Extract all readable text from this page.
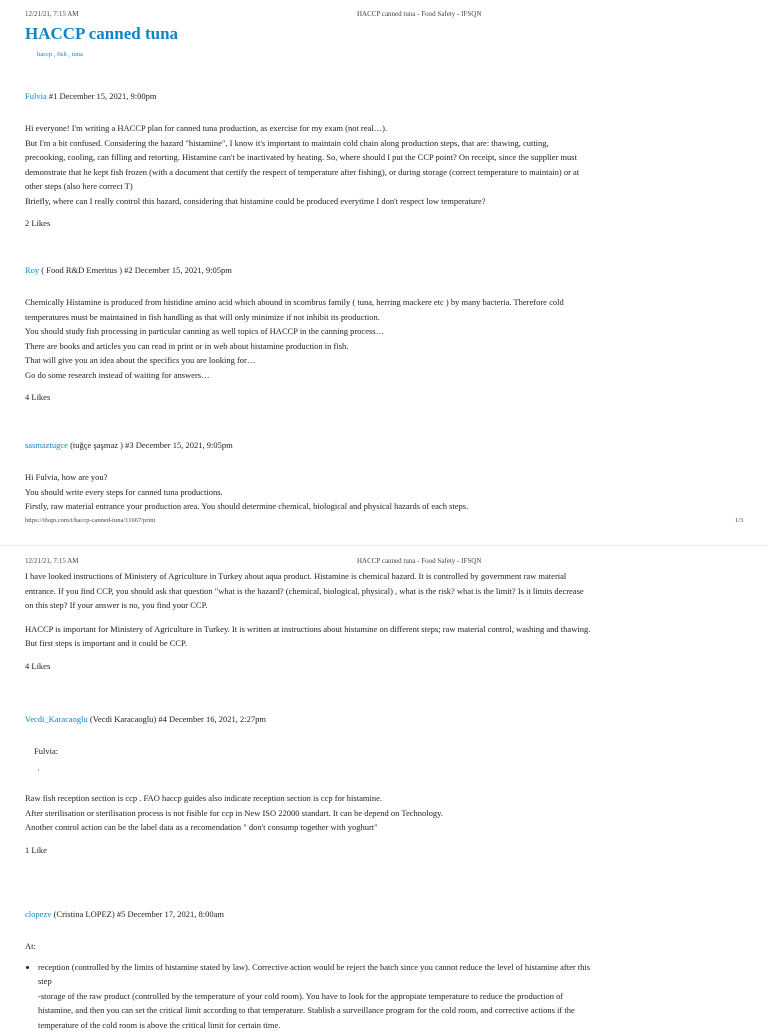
12/21/21, 7:15 AM	HACCP canned tuna - Food Safety - IFSQN
HACCP canned tuna
haccp , fish , tuna
Fulvia #1 December 15, 2021, 9:00pm

Hi everyone! I'm writing a HACCP plan for canned tuna production, as exercise for my exam (not real…).

But I'm a bit confused. Considering the hazard "histamine", I know it's important to maintain cold chain along production steps, that are: thawing, cutting,

precooking, cooling, can filling and retorting. Histamine can't be inactivated by heating. So, where should I put the CCP point? On receipt, since the supplier must

demonstrate that he kept fish frozen (with a document that certify the respect of temperature after fishing), or during storage (correct temperature to maintain) or at

other steps (also here correct T)

Briefly, where can I really control this hazard, considering that histamine could be produced everytime I don't respect low temperature?

2 Likes
Roy ( Food R&D Emeritus ) #2 December 15, 2021, 9:05pm

Chemically Histamine is produced from histidine amino acid which abound in scombrus family ( tuna, herring mackere etc ) by many bacteria. Therefore cold

temperatures must be maintained in fish handling as that will only minimize if not inhibit its production.

You should study fish processing in particular canning as well topics of HACCP in the canning process…

There are books and articles you can read in print or in web about histamine production in fish.

That will give you an idea about the specifics you are looking for…

Go do some research instead of waiting for answers…

4 Likes
sasmaztugce (tuğçe şaşmaz ) #3 December 15, 2021, 9:05pm

Hi Fulvia, how are you?

You should write every steps for canned tuna productions.

Firstly, raw material entrance your production area. You should determine chemical, biological and physical hazards of each steps.

https://ifsqn.com/t/haccp-canned-tuna/11667/print	1/3
12/21/21, 7:15 AM	HACCP canned tuna - Food Safety - IFSQN

I have looked instructions of Ministery of Agriculture in Turkey about aqua product. Histamine is chemical hazard. It is controlled by government raw material

entrance. If you find CCP, you should ask that question "what is the hazard? (chemical, biological, physical) , what is the risk? what is the limit? Is it limits decrease

on this step? If your answer is no, you find your CCP.

HACCP is important for Ministery of Agriculture in Turkey. It is written at instructions about histamine on different steps; raw material control, washing and thawing.

But first steps is important and it could be CCP.

4 Likes
Vecdi_Karacaoglu (Vecdi Karacaoglu) #4 December 16, 2021, 2:27pm
Fulvia:
·

Raw fish reception section is ccp . FAO haccp guides also indicate reception section is ccp for histamine.

After sterilisation or sterilisation process is not fisible for ccp in New ISO 22000 standart. It can be depend on Technology.

Another control action can be the label data as a recomendation " don't consump together with yoghurt"

1 Like
clopezv (Cristina LOPEZ) #5 December 17, 2021, 8:00am

At:

• reception (controlled by the limits of histamine stated by law). Corrective action would be reject the batch since you cannot reduce the level of histamine after this
step
-storage of the raw product (controlled by the temperature of your cold room). You have to look for the appropiate temperature to reduce the production of
histamine, and then you can set the critical limit according to that temperature. Stablish a surveillance program for the cold room, and corrective actions if the
temperature of the cold room is above the critical limit for certain time.
